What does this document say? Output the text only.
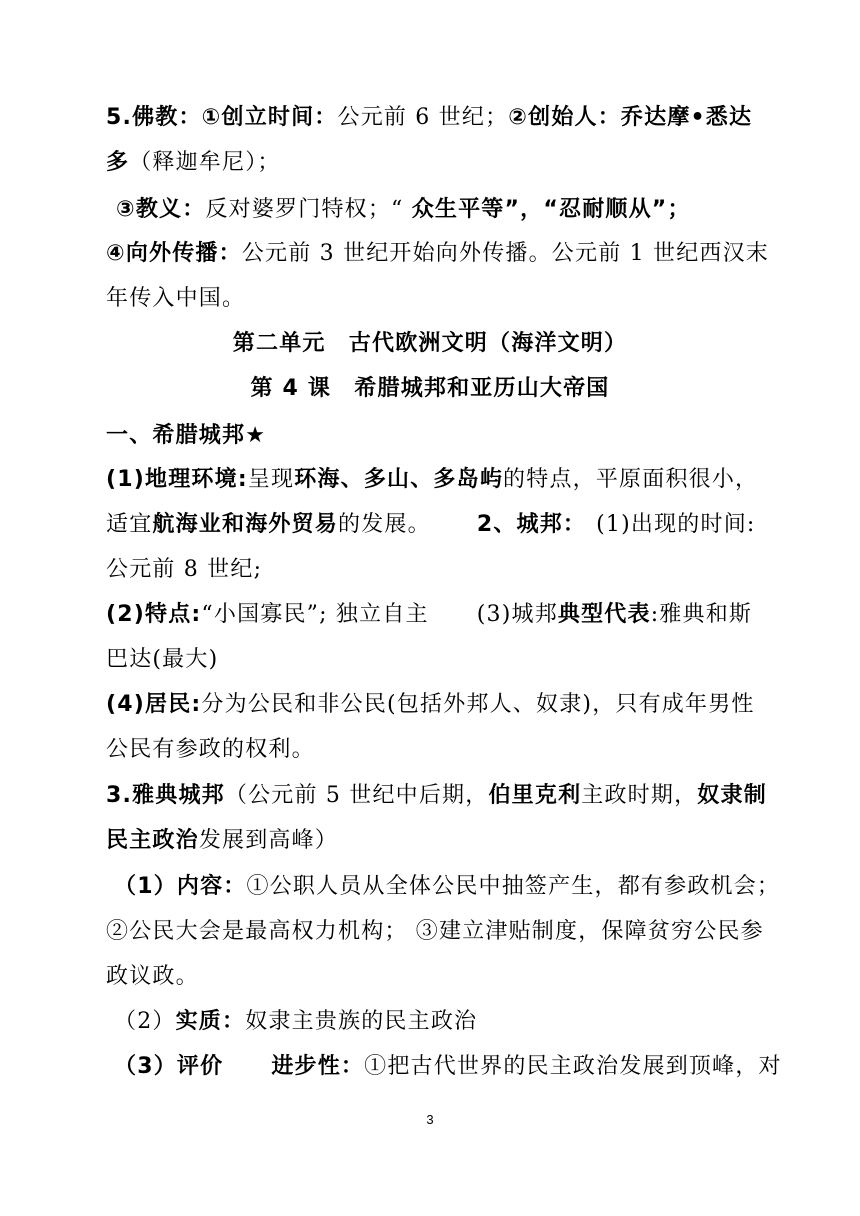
5.佛教：①创立时间：公元前 6 世纪；②创始人：乔达摩•悉达
多（释迦牟尼）；
③教义：反对婆罗门特权；“ 众生平等”，“忍耐顺从”；
④向外传播：公元前 3 世纪开始向外传播。公元前 1 世纪西汉末
年传入中国。
第二单元　古代欧洲文明（海洋文明）
第 4 课　希腊城邦和亚历山大帝国
一、希腊城邦★
(1)地理环境:呈现环海、多山、多岛屿的特点，平原面积很小，
适宜航海业和海外贸易的发展。 2、城邦： (1)出现的时间:
公元前 8 世纪;
(2)特点:“小国寡民”; 独立自主 (3)城邦典型代表:雅典和斯
巴达(最大)
(4)居民:分为公民和非公民(包括外邦人、奴隶)，只有成年男性
公民有参政的权利。
3.雅典城邦（公元前 5 世纪中后期，伯里克利主政时期，奴隶制
民主政治发展到高峰）
（1）内容：①公职人员从全体公民中抽签产生，都有参政机会；
②公民大会是最高权力机构； ③建立津贴制度，保障贫穷公民参
政议政。
（2）实质：奴隶主贵族的民主政治
（3）评价 进步性：①把古代世界的民主政治发展到顶峰，对
3
